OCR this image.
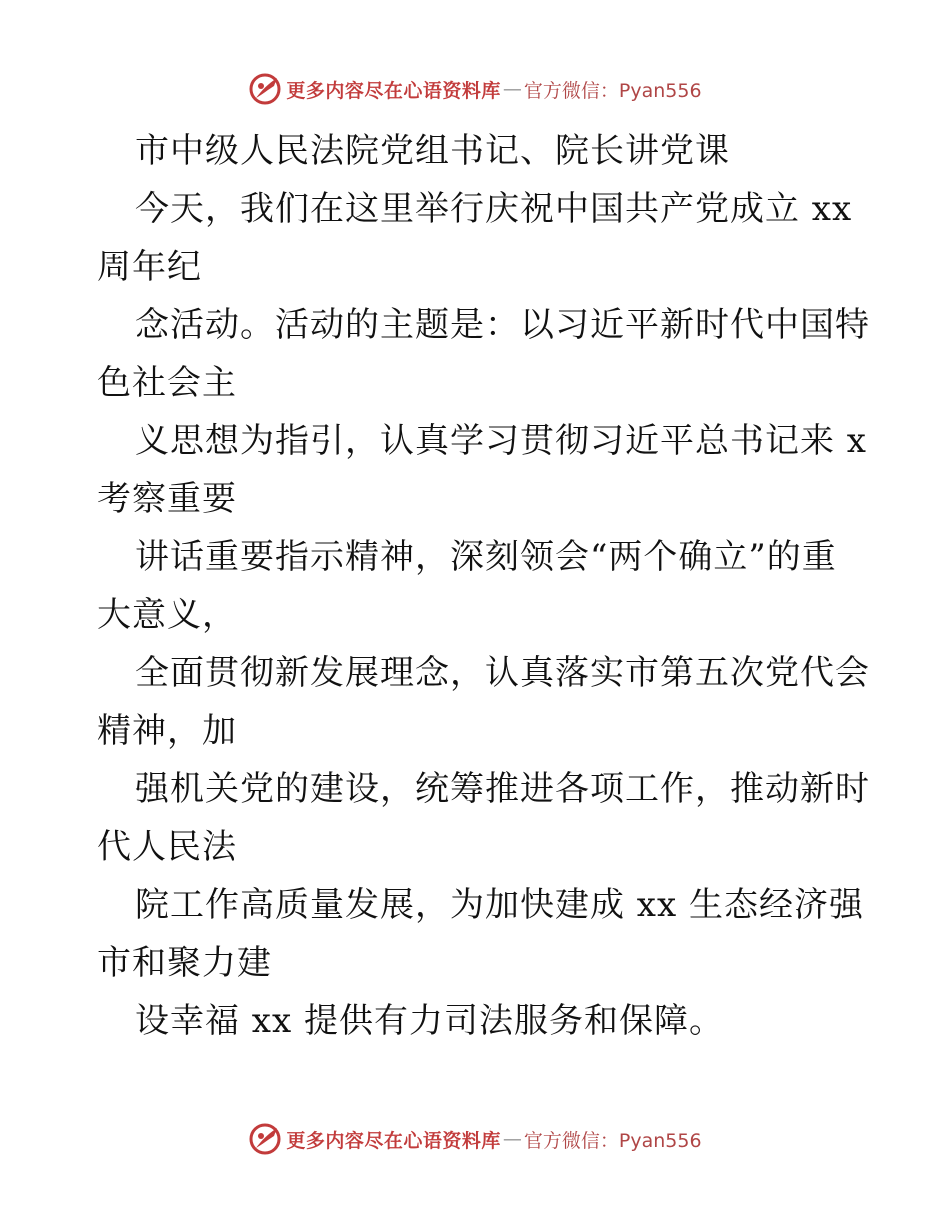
更多内容尽在心语资料库 — 官方微信：Pyan556
市中级人民法院党组书记、院长讲党课
今天，我们在这里举行庆祝中国共产党成立 xx
周年纪
念活动。活动的主题是：以习近平新时代中国特
色社会主
义思想为指引，认真学习贯彻习近平总书记来 x
考察重要
讲话重要指示精神，深刻领会“两个确立”的重
大意义，
全面贯彻新发展理念，认真落实市第五次党代会
精神，加
强机关党的建设，统筹推进各项工作，推动新时
代人民法
院工作高质量发展，为加快建成 xx 生态经济强
市和聚力建
设幸福 xx 提供有力司法服务和保障。
更多内容尽在心语资料库 — 官方微信：Pyan556
